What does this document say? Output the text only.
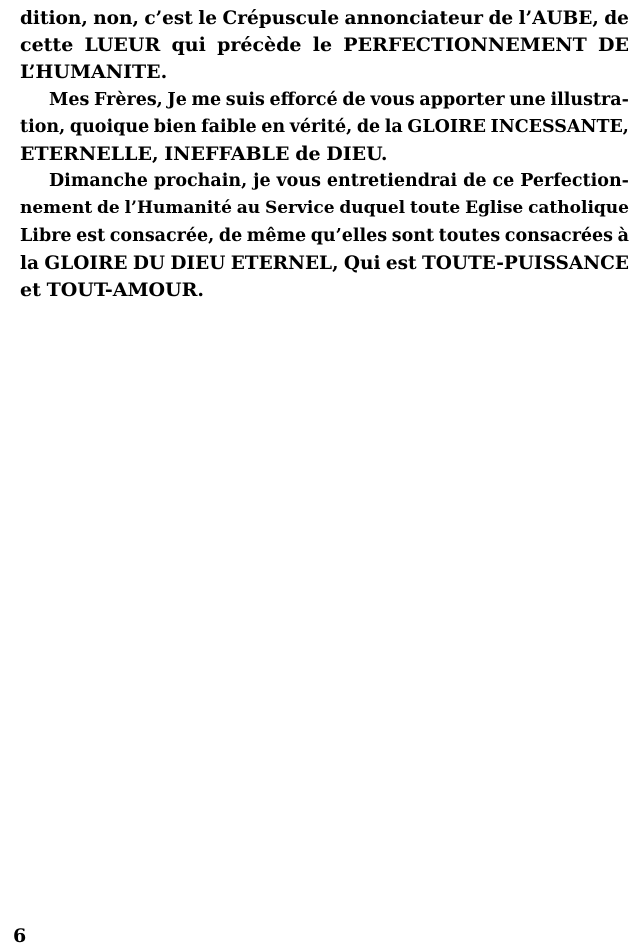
dition, non, c’est le Crépuscule annonciateur de l’AUBE, de
cette LUEUR qui précède le PERFECTIONNEMENT DE
L’HUMANITE.
Mes Frères, Je me suis efforcé de vous apporter une illustra-
tion, quoique bien faible en vérité, de la GLOIRE INCESSANTE,
ETERNELLE, INEFFABLE de DIEU.
Dimanche prochain, je vous entretiendrai de ce Perfection-
nement de l’Humanité au Service duquel toute Eglise catholique
Libre est consacrée, de même qu’elles sont toutes consacrées à
la GLOIRE DU DIEU ETERNEL, Qui est TOUTE-PUISSANCE
et TOUT-AMOUR.
6
